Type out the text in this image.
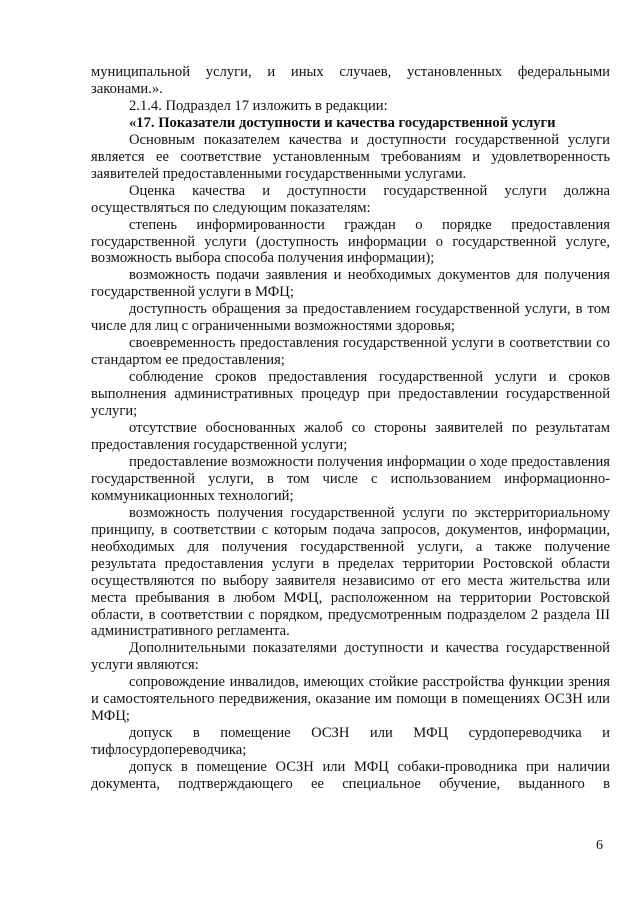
муниципальной услуги, и иных случаев, установленных федеральными законами.».

2.1.4. Подраздел 17 изложить в редакции:

«17. Показатели доступности и качества государственной услуги

Основным показателем качества и доступности государственной услуги является ее соответствие установленным требованиям и удовлетворенность заявителей предоставленными государственными услугами.

Оценка качества и доступности государственной услуги должна осуществляться по следующим показателям:

степень информированности граждан о порядке предоставления государственной услуги (доступность информации о государственной услуге, возможность выбора способа получения информации);

возможность подачи заявления и необходимых документов для получения государственной услуги в МФЦ;

доступность обращения за предоставлением государственной услуги, в том числе для лиц с ограниченными возможностями здоровья;

своевременность предоставления государственной услуги в соответствии со стандартом ее предоставления;

соблюдение сроков предоставления государственной услуги и сроков выполнения административных процедур при предоставлении государственной услуги;

отсутствие обоснованных жалоб со стороны заявителей по результатам предоставления государственной услуги;

предоставление возможности получения информации о ходе предоставления государственной услуги, в том числе с использованием информационно-коммуникационных технологий;

возможность получения государственной услуги по экстерриториальному принципу, в соответствии с которым подача запросов, документов, информации, необходимых для получения государственной услуги, а также получение результата предоставления услуги в пределах территории Ростовской области осуществляются по выбору заявителя независимо от его места жительства или места пребывания в любом МФЦ, расположенном на территории Ростовской области, в соответствии с порядком, предусмотренным подразделом 2 раздела III административного регламента.

Дополнительными показателями доступности и качества государственной услуги являются:

сопровождение инвалидов, имеющих стойкие расстройства функции зрения и самостоятельного передвижения, оказание им помощи в помещениях ОСЗН или МФЦ;

допуск в помещение ОСЗН или МФЦ сурдопереводчика и тифлосурдопереводчика;

допуск в помещение ОСЗН или МФЦ собаки-проводника при наличии документа, подтверждающего ее специальное обучение, выданного в

6
